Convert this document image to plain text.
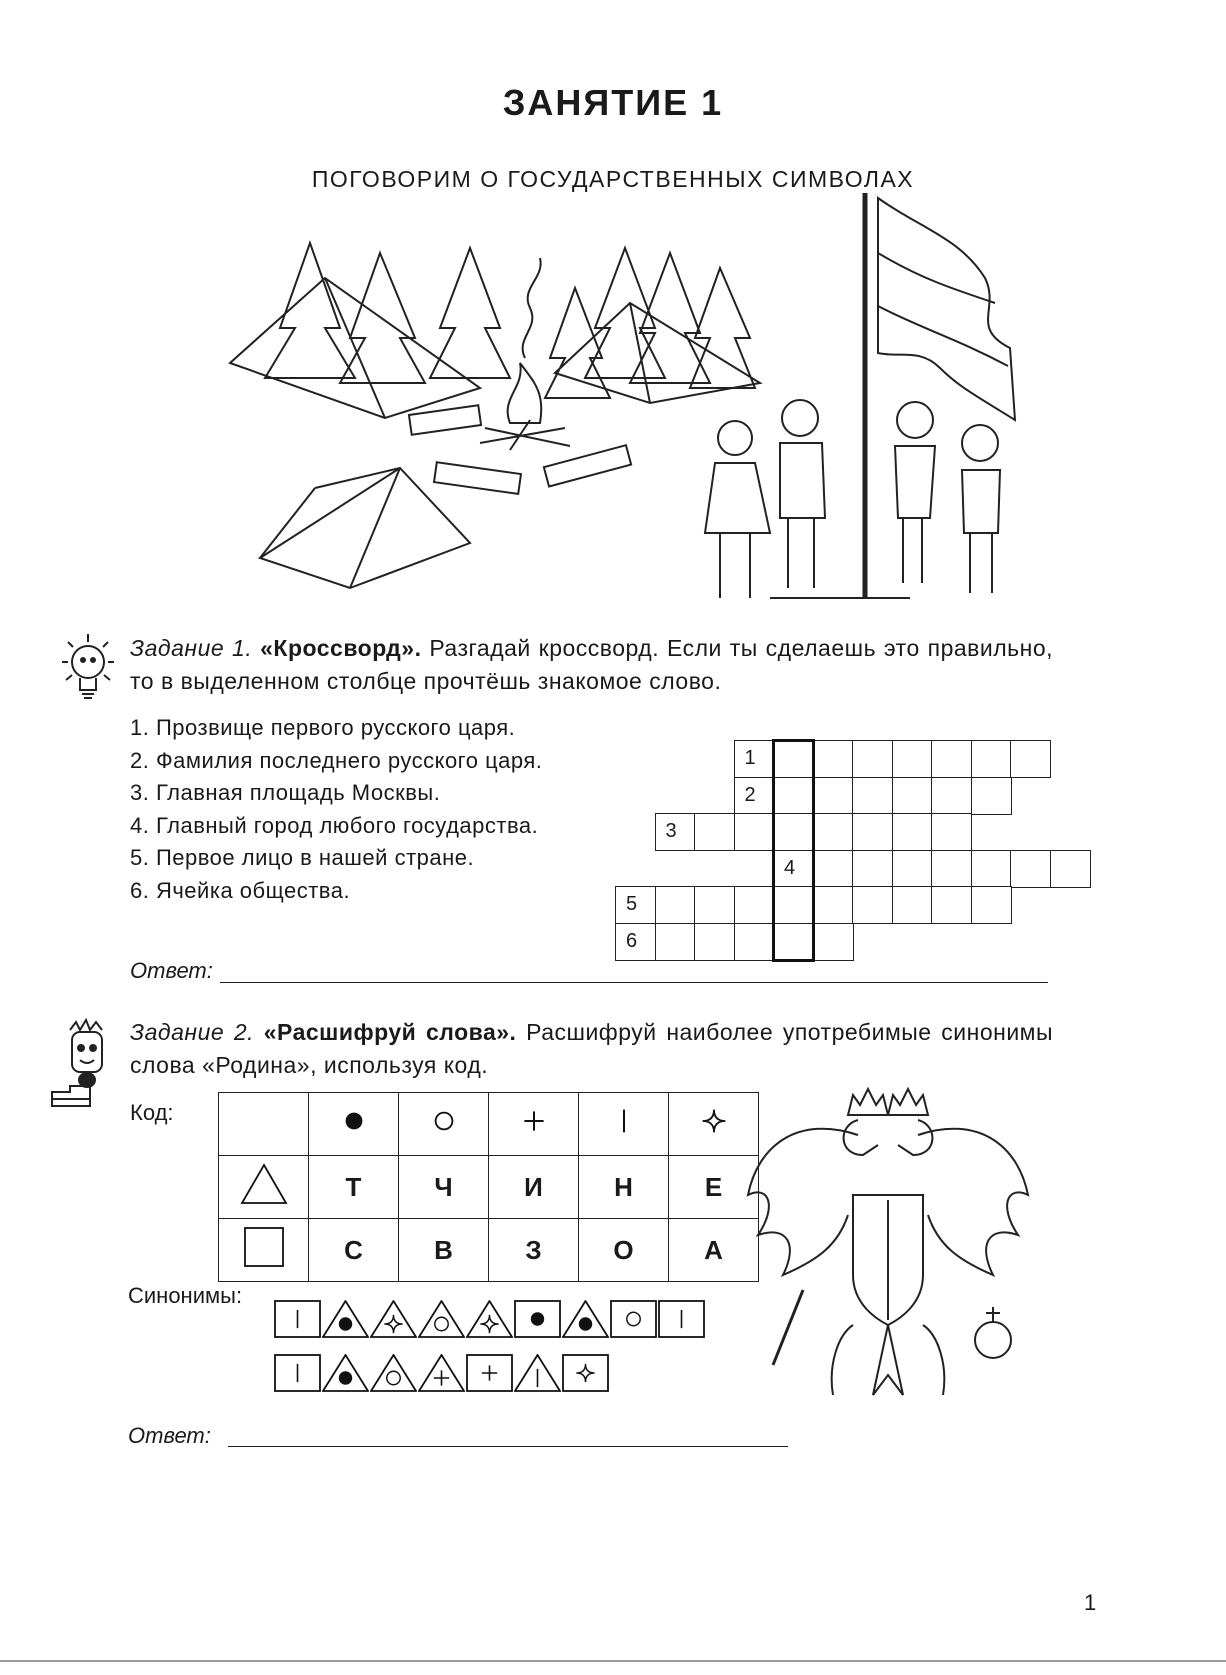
ЗАНЯТИЕ 1
ПОГОВОРИМ О ГОСУДАРСТВЕННЫХ СИМВОЛАХ
Задание 1. «Кроссворд». Разгадай кроссворд. Если ты сделаешь это правильно, то в выделенном столбце прочтёшь знакомое слово.
1. Прозвище первого русского царя.
2. Фамилия последнего русского царя.
3. Главная площадь Москвы.
4. Главный город любого государства.
5. Первое лицо в нашей стране.
6. Ячейка общества.
1
2
3
4
5
6
Ответ:
Задание 2. «Расшифруй слова». Расшифруй наиболее употребимые синонимы слова «Родина», используя код.
Код:

	Т	Ч	И	Н	Е
	С	В	З	О	А
Синонимы:
Ответ:
1
